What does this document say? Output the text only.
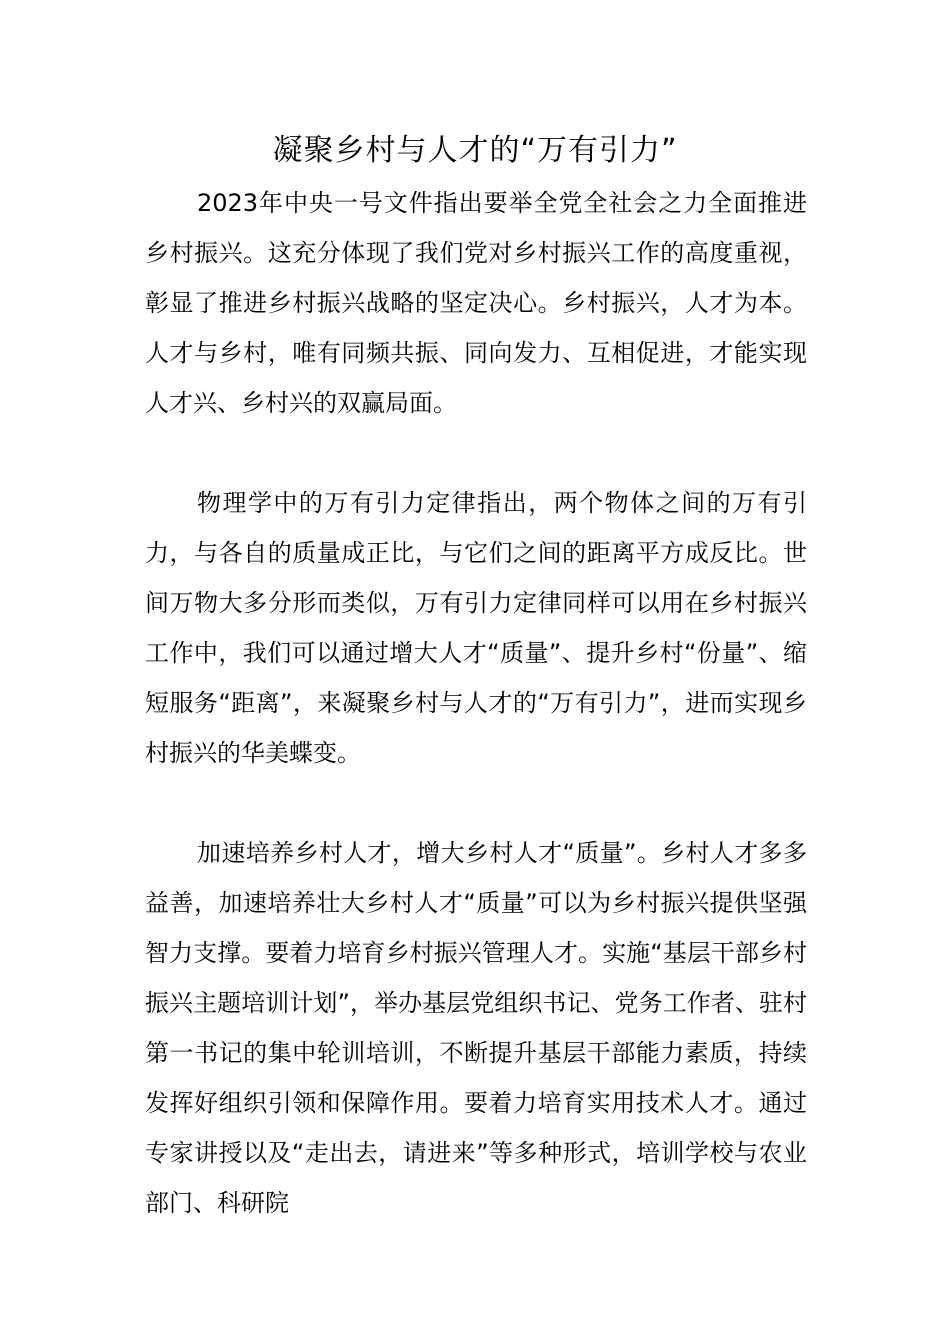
凝聚乡村与人才的“万有引力”

2023年中央一号文件指出要举全党全社会之力全面推进乡村振兴。这充分体现了我们党对乡村振兴工作的高度重视，彰显了推进乡村振兴战略的坚定决心。乡村振兴，人才为本。人才与乡村，唯有同频共振、同向发力、互相促进，才能实现人才兴、乡村兴的双赢局面。

物理学中的万有引力定律指出，两个物体之间的万有引力，与各自的质量成正比，与它们之间的距离平方成反比。世间万物大多分形而类似，万有引力定律同样可以用在乡村振兴工作中，我们可以通过增大人才“质量”、提升乡村“份量”、缩短服务“距离”，来凝聚乡村与人才的“万有引力”，进而实现乡村振兴的华美蝶变。

加速培养乡村人才，增大乡村人才“质量”。乡村人才多多益善，加速培养壮大乡村人才“质量”可以为乡村振兴提供坚强智力支撑。要着力培育乡村振兴管理人才。实施“基层干部乡村振兴主题培训计划”，举办基层党组织书记、党务工作者、驻村第一书记的集中轮训培训，不断提升基层干部能力素质，持续发挥好组织引领和保障作用。要着力培育实用技术人才。通过专家讲授以及“走出去，请进来”等多种形式，培训学校与农业部门、科研院
